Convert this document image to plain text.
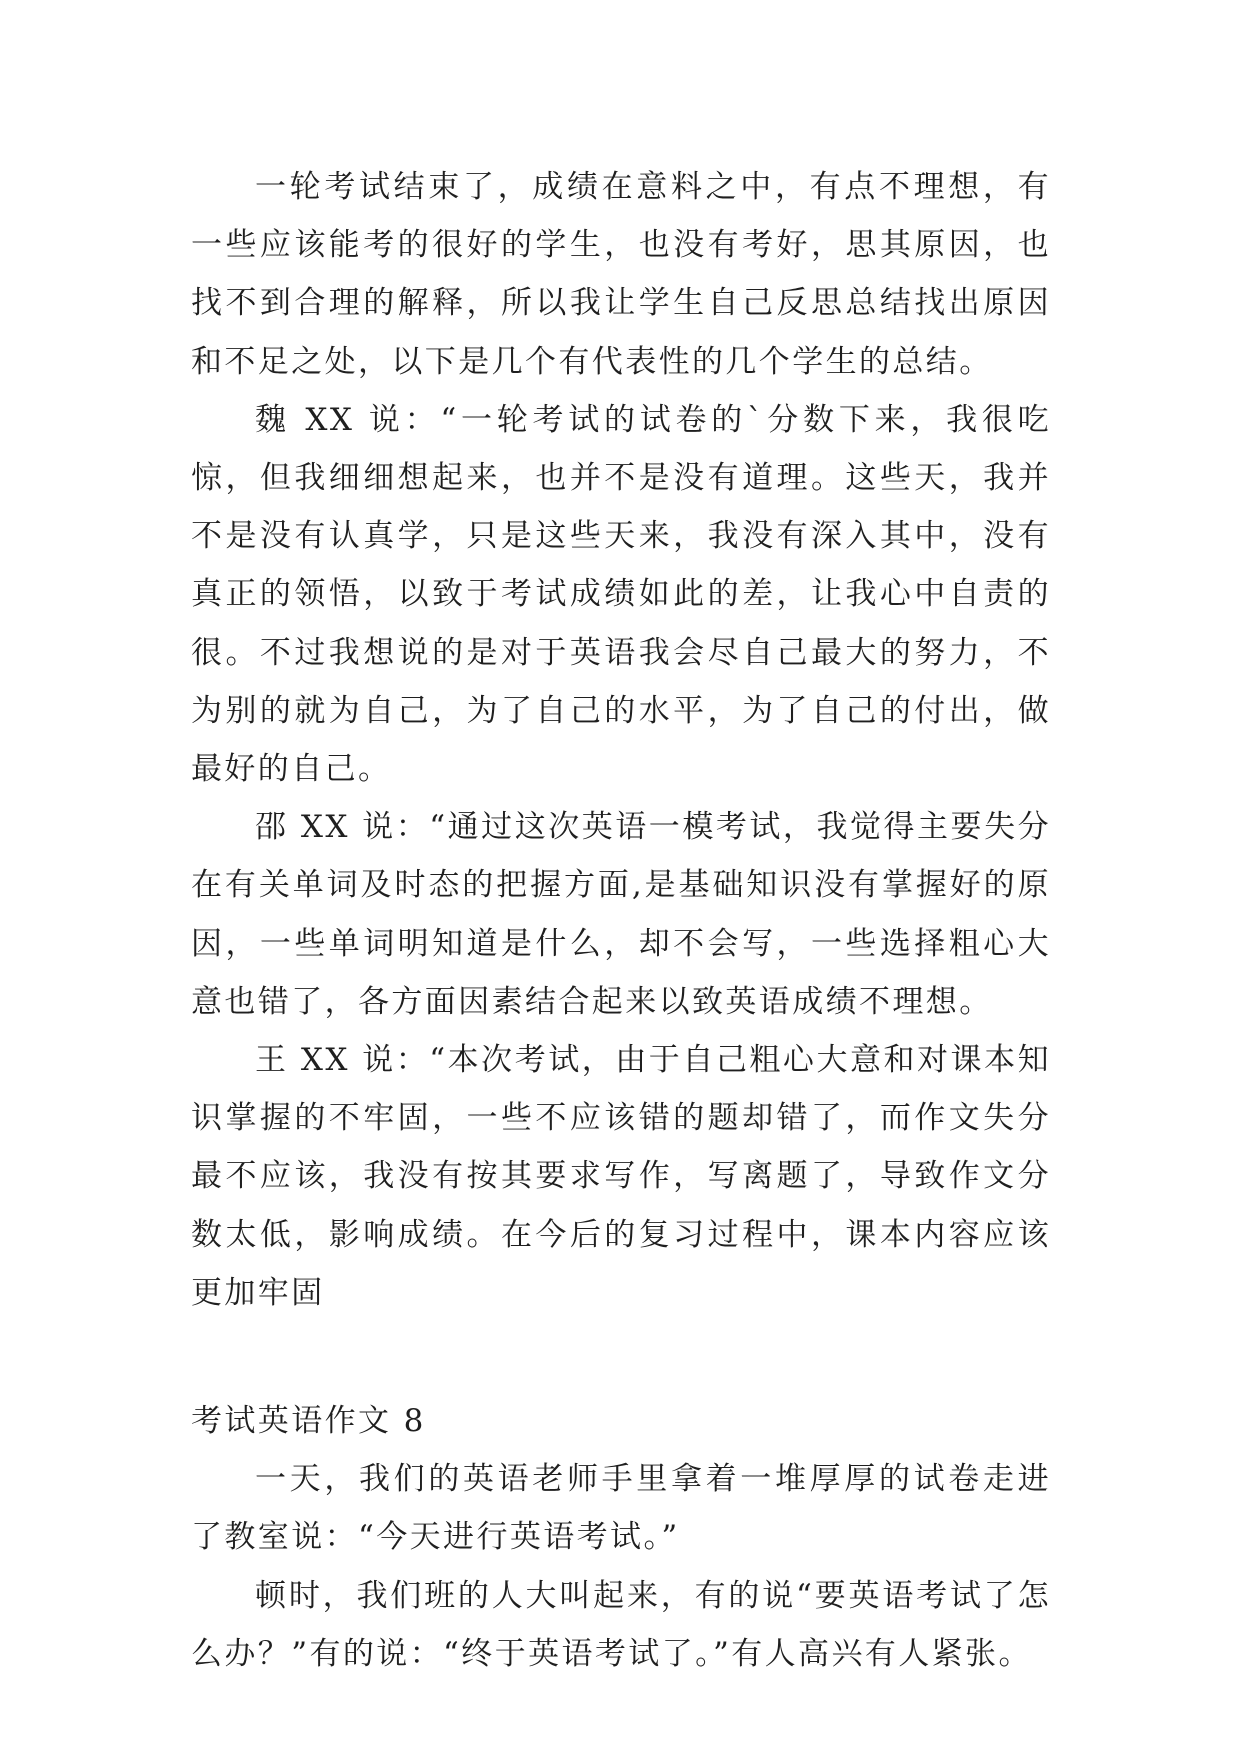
一轮考试结束了，成绩在意料之中，有点不理想，有一些应该能考的很好的学生，也没有考好，思其原因，也找不到合理的解释，所以我让学生自己反思总结找出原因和不足之处，以下是几个有代表性的几个学生的总结。

魏 XX 说：“一轮考试的试卷的`分数下来，我很吃惊，但我细细想起来，也并不是没有道理。这些天，我并不是没有认真学，只是这些天来，我没有深入其中，没有真正的领悟，以致于考试成绩如此的差，让我心中自责的很。不过我想说的是对于英语我会尽自己最大的努力，不为别的就为自己，为了自己的水平，为了自己的付出，做最好的自己。

邵 XX 说：“通过这次英语一模考试，我觉得主要失分在有关单词及时态的把握方面,是基础知识没有掌握好的原因，一些单词明知道是什么，却不会写，一些选择粗心大意也错了，各方面因素结合起来以致英语成绩不理想。

王 XX 说：“本次考试，由于自己粗心大意和对课本知识掌握的不牢固，一些不应该错的题却错了，而作文失分最不应该，我没有按其要求写作，写离题了，导致作文分数太低，影响成绩。在今后的复习过程中，课本内容应该更加牢固

考试英语作文 8

一天，我们的英语老师手里拿着一堆厚厚的试卷走进了教室说：“今天进行英语考试。”

顿时，我们班的人大叫起来，有的说“要英语考试了怎么办？”有的说：“终于英语考试了。”有人高兴有人紧张。
